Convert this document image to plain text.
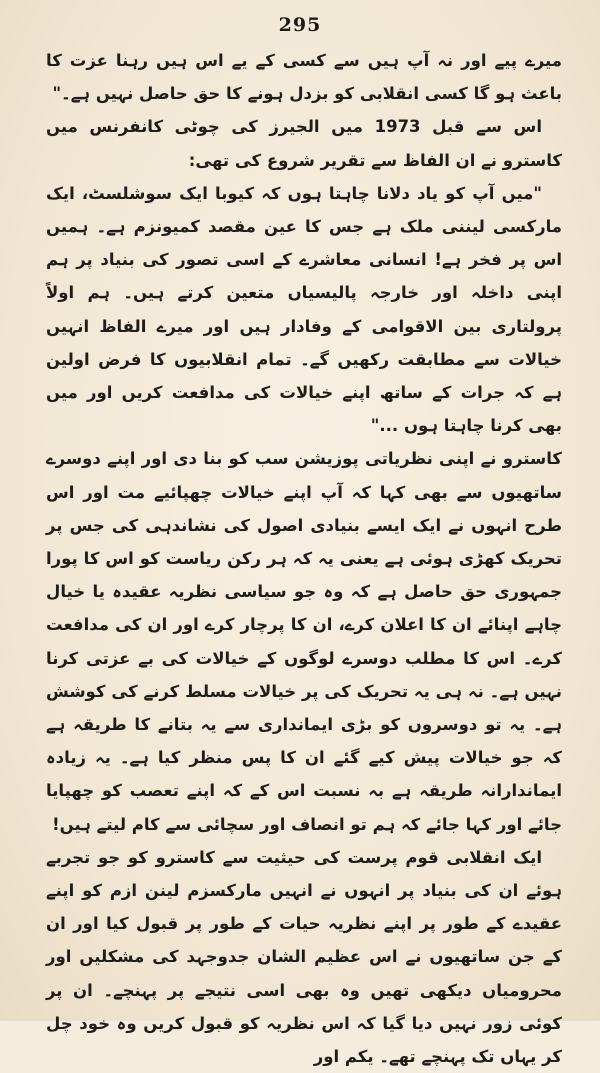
295

میرے پیے اور نہ آپ ہیں سے کسی کے یے اس ہیں رہنا عزت کا باعث ہو گا کسی انقلابی کو بزدل ہونے کا حق حاصل نہیں ہے۔"

اس سے قبل 1973 میں الجیرز کی چوٹی کانفرنس میں کاسترو نے ان الفاظ سے تقریر شروع کی تھی:

"میں آپ کو یاد دلانا چاہتا ہوں کہ کیوبا ایک سوشلسٹ، ایک مارکسی لیننی ملک ہے جس کا عین مقصد کمیونزم ہے۔ ہمیں اس پر فخر ہے! انسانی معاشرے کے اسی تصور کی بنیاد پر ہم اپنی داخلہ اور خارجہ پالیسیاں متعین کرتے ہیں۔ ہم اولاً پرولتاری بین الاقوامی کے وفادار ہیں اور میرے الفاظ انہیں خیالات سے مطابقت رکھیں گے۔ تمام انقلابیوں کا فرض اولین ہے کہ جرات کے ساتھ اپنے خیالات کی مدافعت کریں اور میں بھی کرنا چاہتا ہوں ..."

کاسترو نے اپنی نظریاتی پوزیشن سب کو بنا دی اور اپنے دوسرے ساتھیوں سے بھی کہا کہ آپ اپنے خیالات چھپائیے مت اور اس طرح انہوں نے ایک ایسے بنیادی اصول کی نشاندہی کی جس پر تحریک کھڑی ہوئی ہے یعنی یہ کہ ہر رکن ریاست کو اس کا پورا جمہوری حق حاصل ہے کہ وہ جو سیاسی نظریہ عقیدہ یا خیال چاہے اپنائے ان کا اعلان کرے، ان کا پرچار کرے اور ان کی مدافعت کرے۔ اس کا مطلب دوسرے لوگوں کے خیالات کی بے عزتی کرنا نہیں ہے۔ نہ ہی یہ تحریک کی پر خیالات مسلط کرنے کی کوشش ہے۔ یہ تو دوسروں کو بڑی ایمانداری سے یہ بتانے کا طریقہ ہے کہ جو خیالات پیش کیے گئے ان کا پس منظر کیا ہے۔ یہ زیادہ ایماندارانہ طریقہ ہے بہ نسبت اس کے کہ اپنے تعصب کو چھپایا جائے اور کہا جائے کہ ہم تو انصاف اور سچائی سے کام لیتے ہیں!

ایک انقلابی قوم پرست کی حیثیت سے کاسترو کو جو تجربے ہوئے ان کی بنیاد پر انہوں نے انہیں مارکسزم لینن ازم کو اپنے عقیدے کے طور پر اپنے نظریہ حیات کے طور پر قبول کیا اور ان کے جن ساتھیوں نے اس عظیم الشان جدوجہد کی مشکلیں اور محرومیاں دیکھی تھیں وہ بھی اسی نتیجے پر پہنچے۔ ان پر کوئی زور نہیں دیا گیا کہ اس نظریہ کو قبول کریں وہ خود چل کر یہاں تک پہنچے تھے۔ یکم اور
